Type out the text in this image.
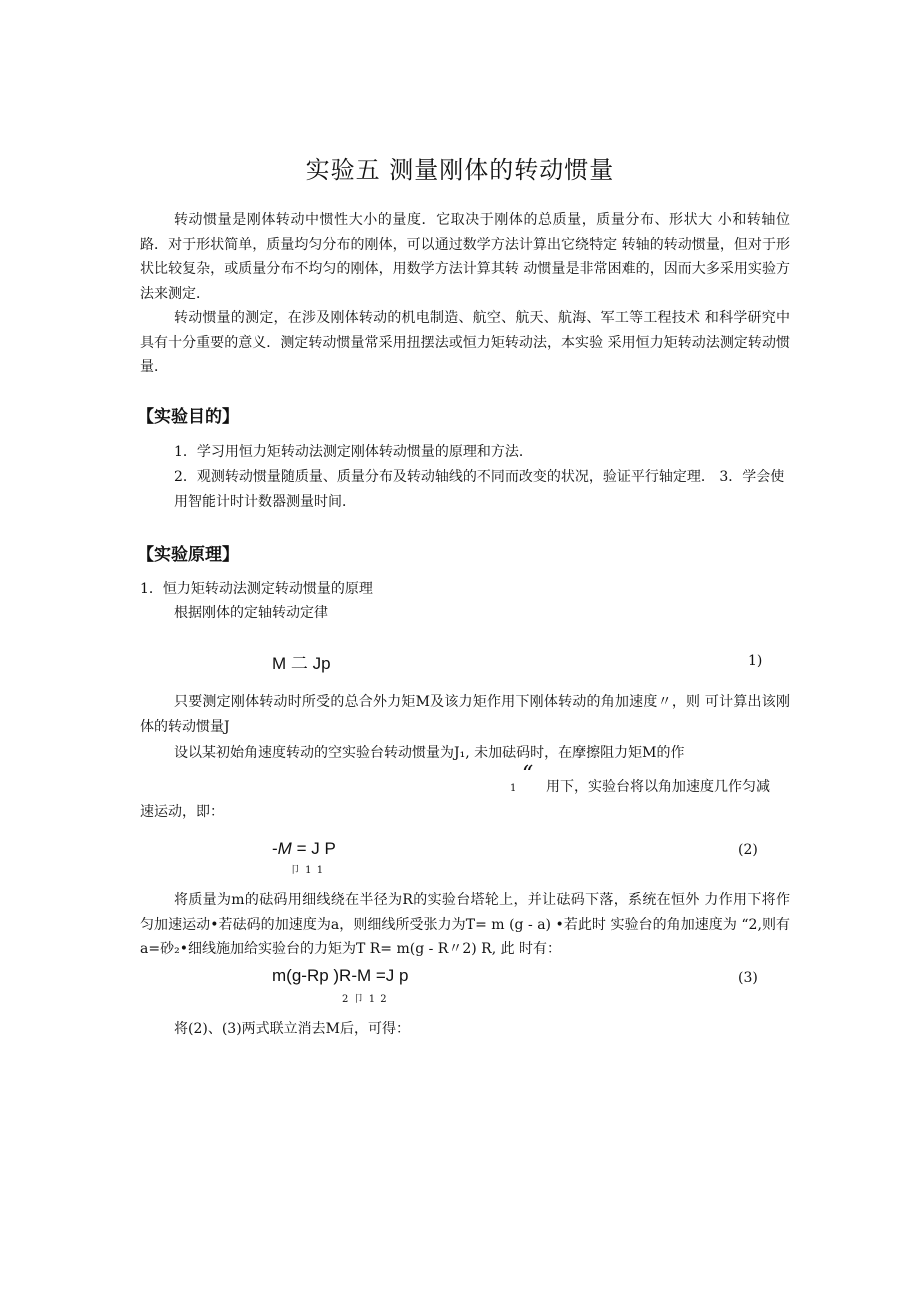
实验五 测量刚体的转动惯量

转动惯量是刚体转动中惯性大小的量度．它取决于刚体的总质量，质量分布、形状大 小和转轴位路．对于形状简单，质量均匀分布的刚体，可以通过数学方法计算出它绕特定 转轴的转动惯量，但对于形状比较复杂，或质量分布不均匀的刚体，用数学方法计算其转 动惯量是非常困难的，因而大多采用实验方法来测定．

转动惯量的测定，在涉及刚体转动的机电制造、航空、航天、航海、军工等工程技术 和科学研究中具有十分重要的意义．测定转动惯量常采用扭摆法或恒力矩转动法，本实验 采用恒力矩转动法测定转动惯量．

【实验目的】

1．学习用恒力矩转动法测定刚体转动惯量的原理和方法．

2．观测转动惯量随质量、质量分布及转动轴线的不同而改变的状况，验证平行轴定理． 3．学会使用智能计时计数器测量时间．

【实验原理】

1．恒力矩转动法测定转动惯量的原理

根据刚体的定轴转动定律

M 二 Jp	1)

只要测定刚体转动时所受的总合外力矩M及该力矩作用下刚体转动的角加速度〃，则 可计算出该刚体的转动惯量J

设以某初始角速度转动的空实验台转动惯量为J₁, 未加砝码时，在摩擦阻力矩M的作

1
“ 用下，实验台将以角加速度几作匀减

速运动，即：

-M = J P
卩 1 1
(2)

将质量为m的砝码用细线绕在半径为R的实验台塔轮上，并让砝码下落，系统在恒外 力作用下将作匀加速运动•若砝码的加速度为a，则细线所受张力为T= m (g - a) •若此时 实验台的角加速度为 “2,则有a=砂₂•细线施加给实验台的力矩为T R= m(g - R〃2) R, 此 时有：

m(g-Rp )R-M =J p
2 卩 1 2
(3)

将(2)、(3)两式联立消去M后，可得：
